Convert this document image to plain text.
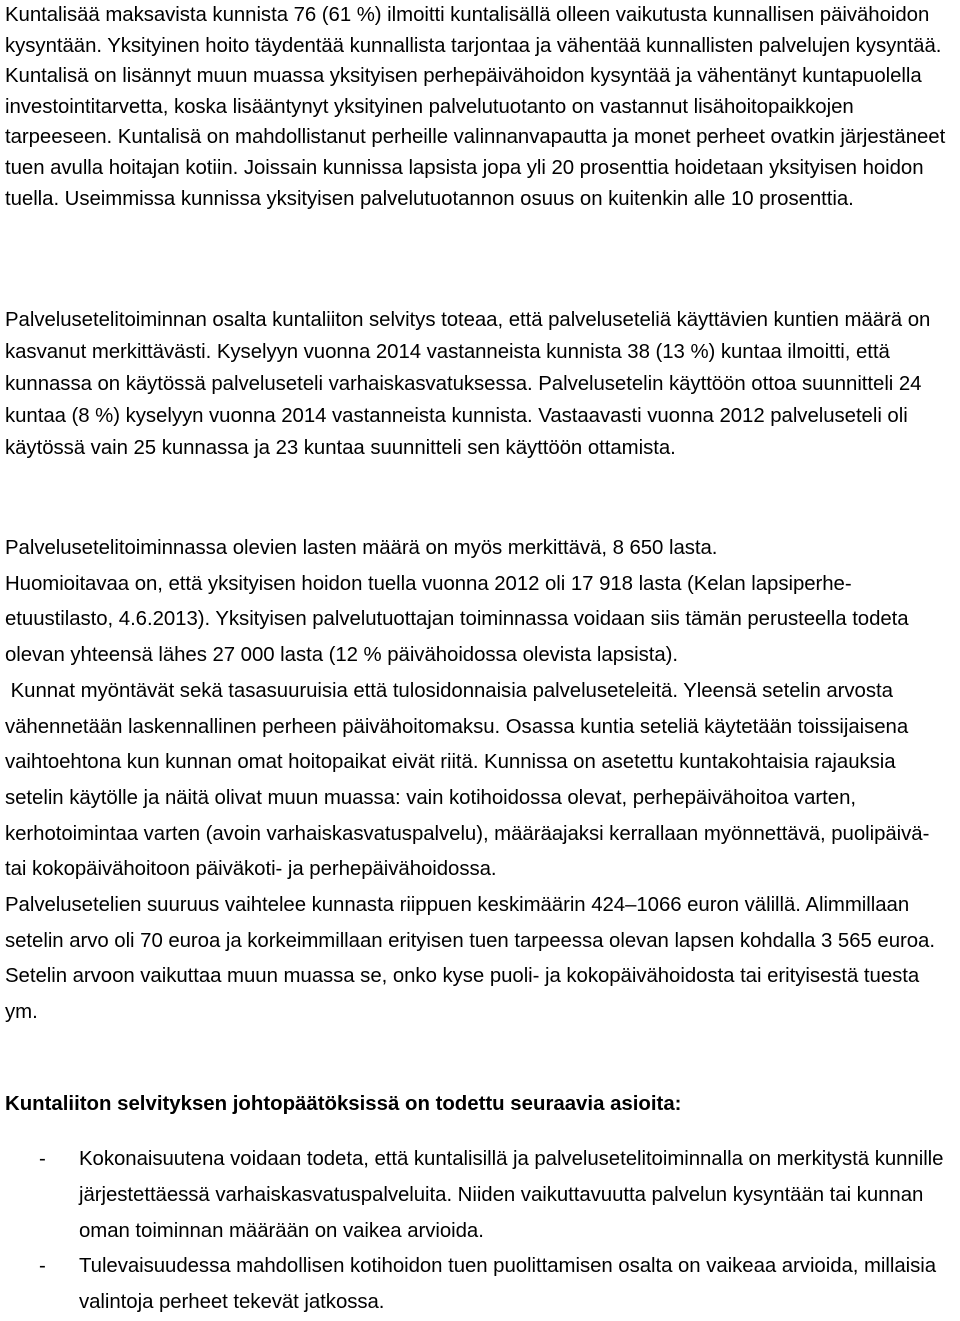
Kuntalisää maksavista kunnista 76 (61 %) ilmoitti kuntalisällä olleen vaikutusta kunnallisen päivähoidon kysyntään. Yksityinen hoito täydentää kunnallista tarjontaa ja vähentää kunnallisten palvelujen kysyntää. Kuntalisä on lisännyt muun muassa yksityisen perhepäivähoidon kysyntää ja vähentänyt kuntapuolella investointitarvetta, koska lisääntynyt yksityinen palvelutuotanto on vastannut lisähoitopaikkojen tarpeeseen. Kuntalisä on mahdollistanut perheille valinnanvapautta ja monet perheet ovatkin järjestäneet tuen avulla hoitajan kotiin. Joissain kunnissa lapsista jopa yli 20 prosenttia hoidetaan yksityisen hoidon tuella. Useimmissa kunnissa yksityisen palvelutuotannon osuus on kuitenkin alle 10 prosenttia.

Palvelusetelitoiminnan osalta kuntaliiton selvitys toteaa, että palveluseteliä käyttävien kuntien määrä on kasvanut merkittävästi. Kyselyyn vuonna 2014 vastanneista kunnista 38 (13 %) kuntaa ilmoitti, että kunnassa on käytössä palveluseteli varhaiskasvatuksessa. Palvelusetelin käyttöön ottoa suunnitteli 24 kuntaa (8 %) kyselyyn vuonna 2014 vastanneista kunnista. Vastaavasti vuonna 2012 palveluseteli oli käytössä vain 25 kunnassa ja 23 kuntaa suunnitteli sen käyttöön ottamista.

Palvelusetelitoiminnassa olevien lasten määrä on myös merkittävä, 8 650 lasta.
Huomioitavaa on, että yksityisen hoidon tuella vuonna 2012 oli 17 918 lasta (Kelan lapsiperhe-etuustilasto, 4.6.2013). Yksityisen palvelutuottajan toiminnassa voidaan siis tämän perusteella todeta olevan yhteensä lähes 27 000 lasta (12 % päivähoidossa olevista lapsista).
Kunnat myöntävät sekä tasasuuruisia että tulosidonnaisia palveluseteleitä. Yleensä setelin arvosta vähennetään laskennallinen perheen päivähoitomaksu. Osassa kuntia seteliä käytetään toissijaisena vaihtoehtona kun kunnan omat hoitopaikat eivät riitä. Kunnissa on asetettu kuntakohtaisia rajauksia setelin käytölle ja näitä olivat muun muassa: vain kotihoidossa olevat, perhepäivähoitoa varten, kerhotoimintaa varten (avoin varhaiskasvatuspalvelu), määräajaksi kerrallaan myönnettävä, puolipäivä- tai kokopäivähoitoon päiväkoti- ja perhepäivähoidossa.
Palvelusetelien suuruus vaihtelee kunnasta riippuen keskimäärin 424–1066 euron välillä. Alimmillaan setelin arvo oli 70 euroa ja korkeimmillaan erityisen tuen tarpeessa olevan lapsen kohdalla 3 565 euroa. Setelin arvoon vaikuttaa muun muassa se, onko kyse puoli- ja kokopäivähoidosta tai erityisestä tuesta ym.

Kuntaliiton selvityksen johtopäätöksissä on todettu seuraavia asioita:

- Kokonaisuutena voidaan todeta, että kuntalisillä ja palvelusetelitoiminnalla on merkitystä kunnille järjestettäessä varhaiskasvatuspalveluita. Niiden vaikuttavuutta palvelun kysyntään tai kunnan oman toiminnan määrään on vaikea arvioida.
- Tulevaisuudessa mahdollisen kotihoidon tuen puolittamisen osalta on vaikeaa arvioida, millaisia valintoja perheet tekevät jatkossa.
